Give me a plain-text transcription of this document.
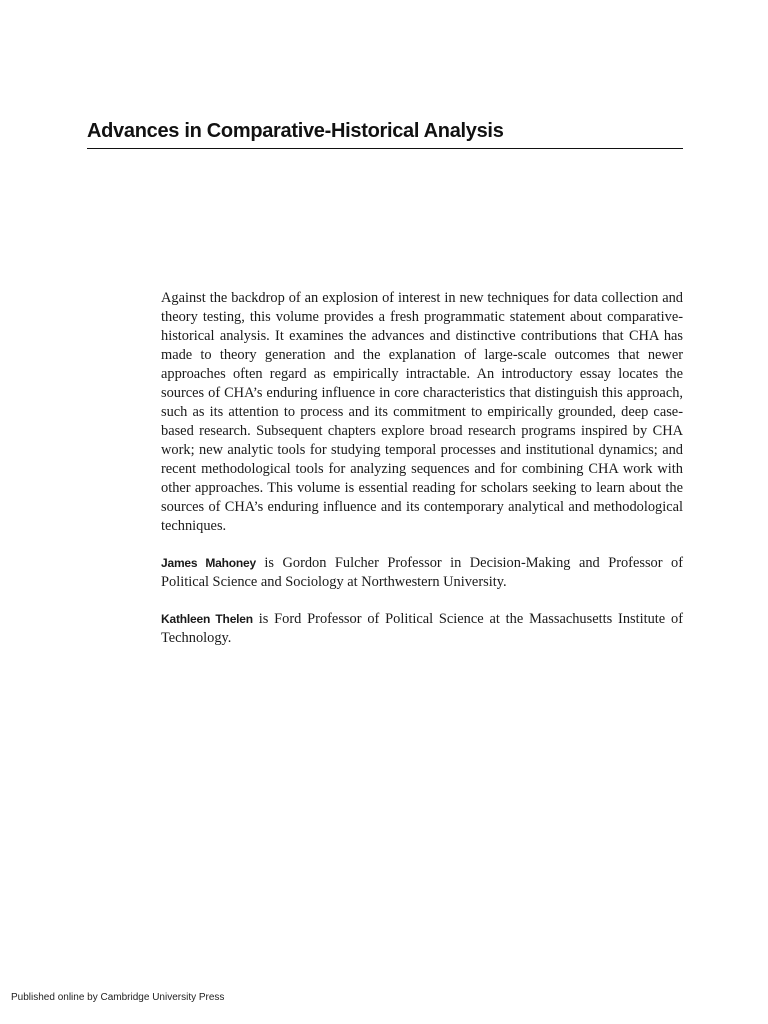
Advances in Comparative-Historical Analysis

Against the backdrop of an explosion of interest in new techniques for data collection and theory testing, this volume provides a fresh programmatic statement about comparative-historical analysis. It examines the advances and distinctive contributions that CHA has made to theory generation and the explanation of large-scale outcomes that newer approaches often regard as empirically intractable. An introductory essay locates the sources of CHA’s enduring influence in core characteristics that distinguish this approach, such as its attention to process and its commitment to empirically grounded, deep case-based research. Subsequent chapters explore broad research programs inspired by CHA work; new analytic tools for studying temporal processes and institutional dynamics; and recent methodological tools for analyzing sequences and for combining CHA work with other approaches. This volume is essential reading for scholars seeking to learn about the sources of CHA’s enduring influence and its contemporary analytical and methodological techniques.

James Mahoney is Gordon Fulcher Professor in Decision-Making and Professor of Political Science and Sociology at Northwestern University.

Kathleen Thelen is Ford Professor of Political Science at the Massachusetts Institute of Technology.

Published online by Cambridge University Press
